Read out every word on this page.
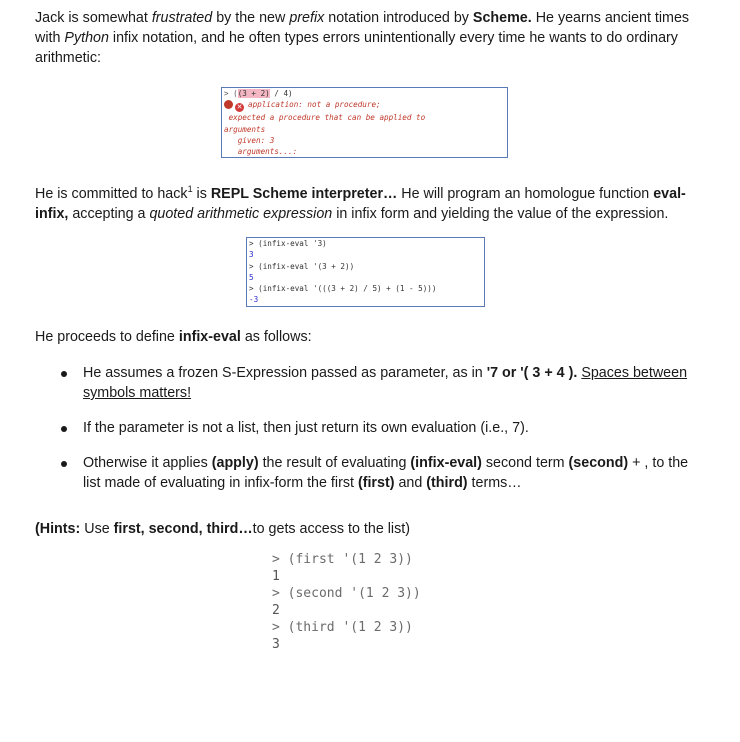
Jack is somewhat frustrated by the new prefix notation introduced by Scheme. He yearns ancient times with Python infix notation, and he often types errors unintentionally every time he wants to do ordinary arithmetic:

> ((3 + 2) / 4)
✕ application: not a procedure;
expected a procedure that can be applied to
arguments
given: 3
arguments...:

He is committed to hack$^1$ is REPL Scheme interpreter… He will program an homologue function eval-infix, accepting a quoted arithmetic expression in infix form and yielding the value of the expression.

> (infix-eval '3)
3
> (infix-eval '(3 + 2))
5
> (infix-eval '(((3 + 2) / 5) + (1 - 5)))
-3

He proceeds to define infix-eval as follows:

He assumes a frozen S-Expression passed as parameter, as in '7 or '( 3 + 4 ). Spaces between symbols matters!
If the parameter is not a list, then just return its own evaluation (i.e., 7).
Otherwise it applies (apply) the result of evaluating (infix-eval) second term (second) + , to the list made of evaluating in infix-form the first (first) and (third) terms…

(Hints: Use first, second, third…to gets access to the list)

> (first '(1 2 3))
1
> (second '(1 2 3))
2
> (third '(1 2 3))
3
